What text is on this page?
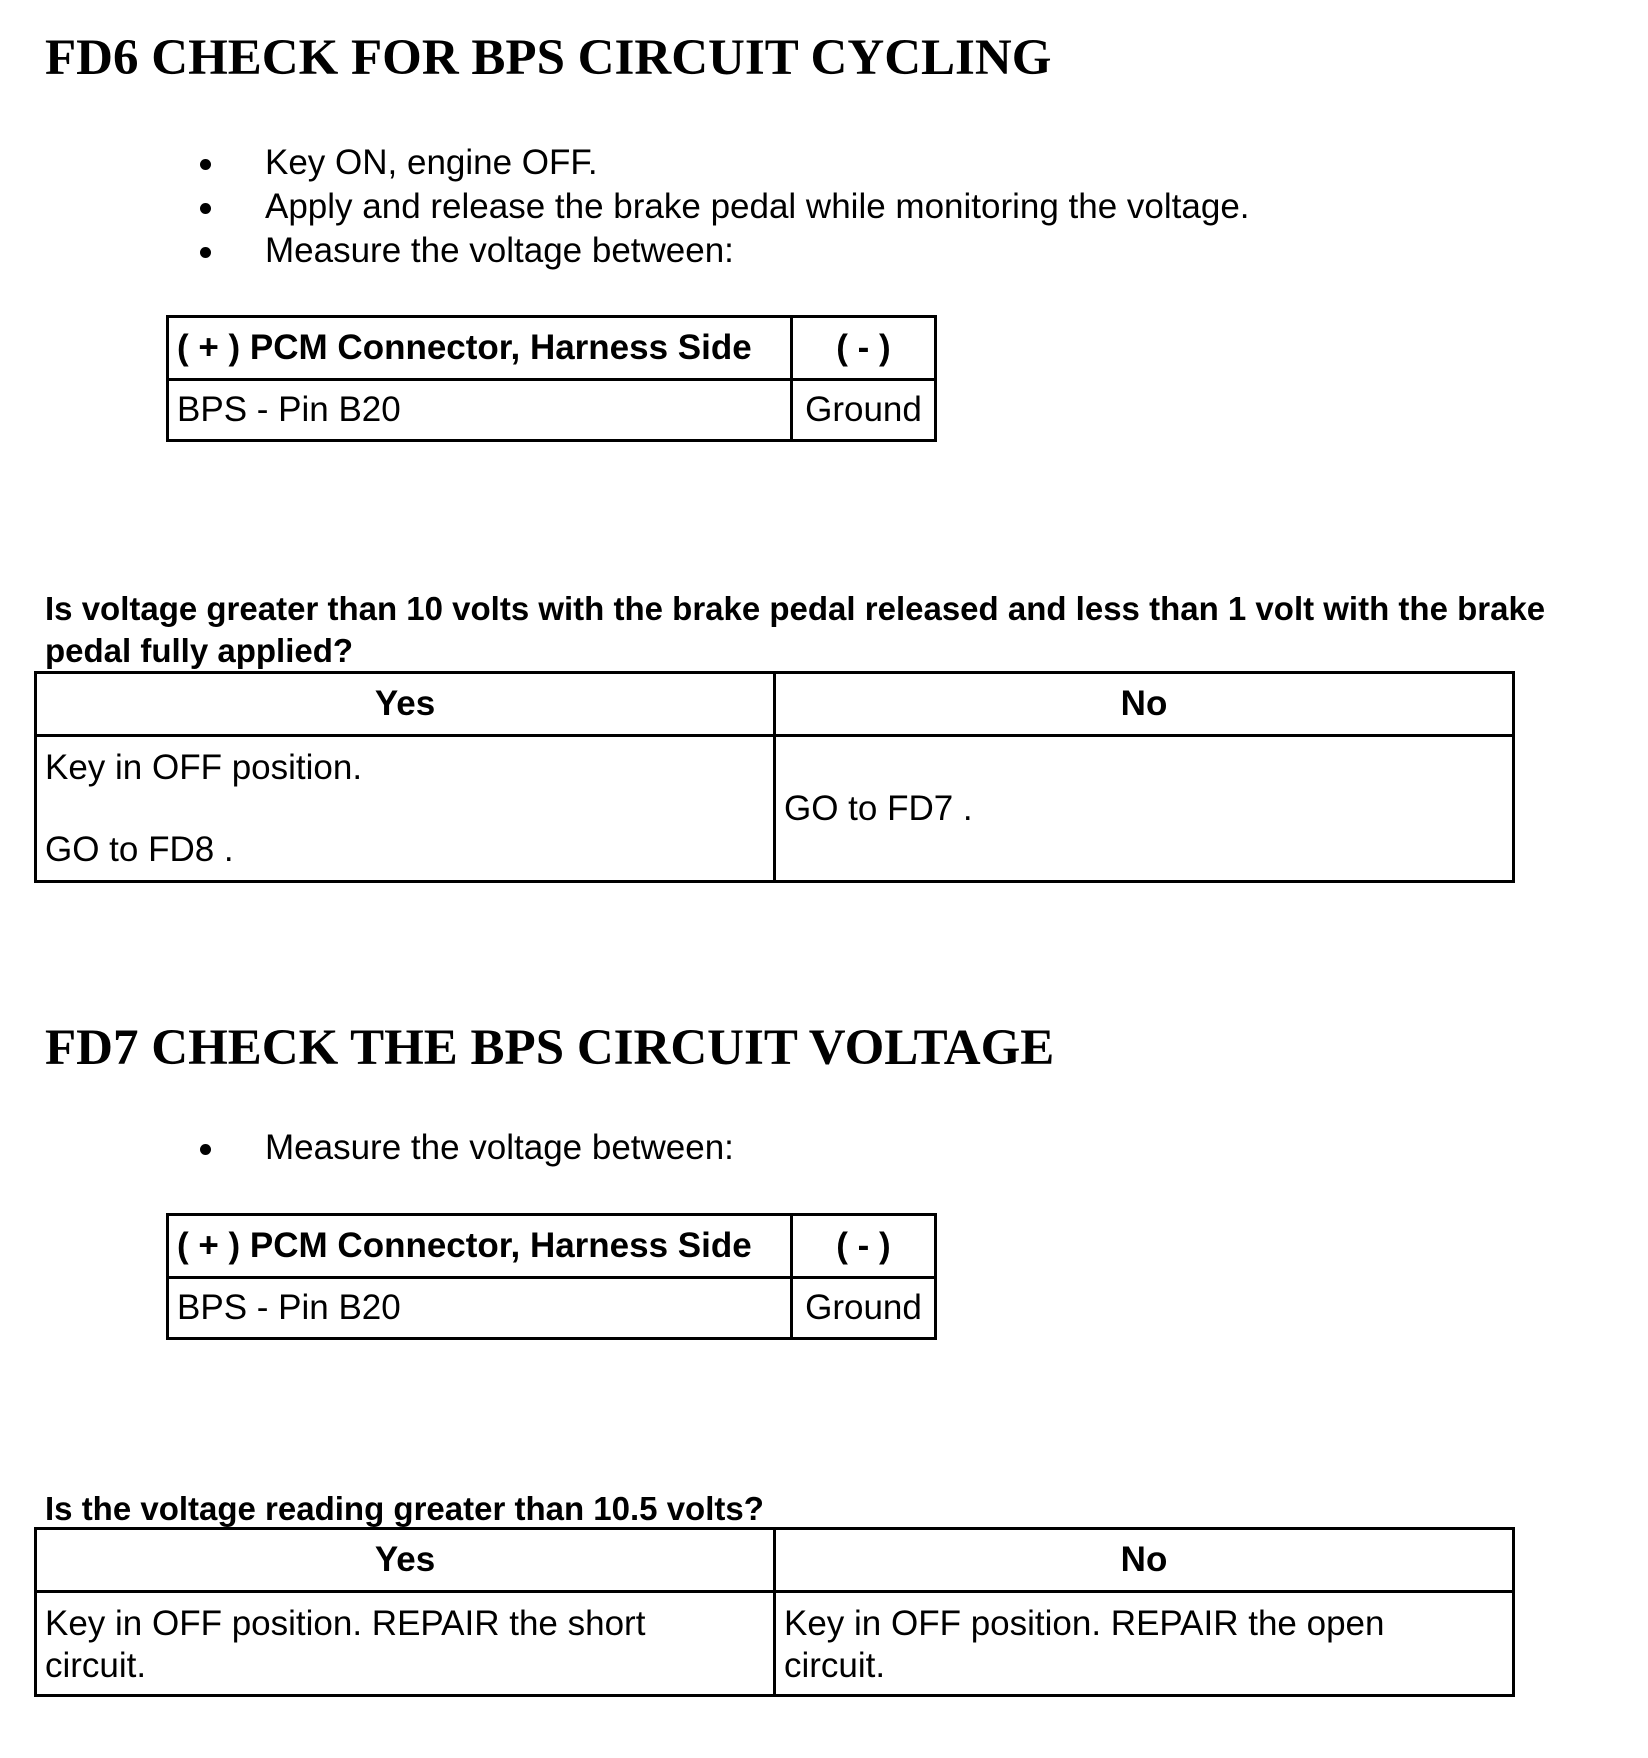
FD6 CHECK FOR BPS CIRCUIT CYCLING
Key ON, engine OFF.
Apply and release the brake pedal while monitoring the voltage.
Measure the voltage between:
( + ) PCM Connector, Harness Side	( - )
BPS - Pin B20	Ground

Is voltage greater than 10 volts with the brake pedal released and less than 1 volt with the brake pedal fully applied?

Yes	No

Key in OFF position.
GO to FD8 .	GO to FD7 .
FD7 CHECK THE BPS CIRCUIT VOLTAGE
Measure the voltage between:
( + ) PCM Connector, Harness Side	( - )
BPS - Pin B20	Ground

Is the voltage reading greater than 10.5 volts?

Yes	No
Key in OFF position. REPAIR the short circuit.	Key in OFF position. REPAIR the open circuit.
